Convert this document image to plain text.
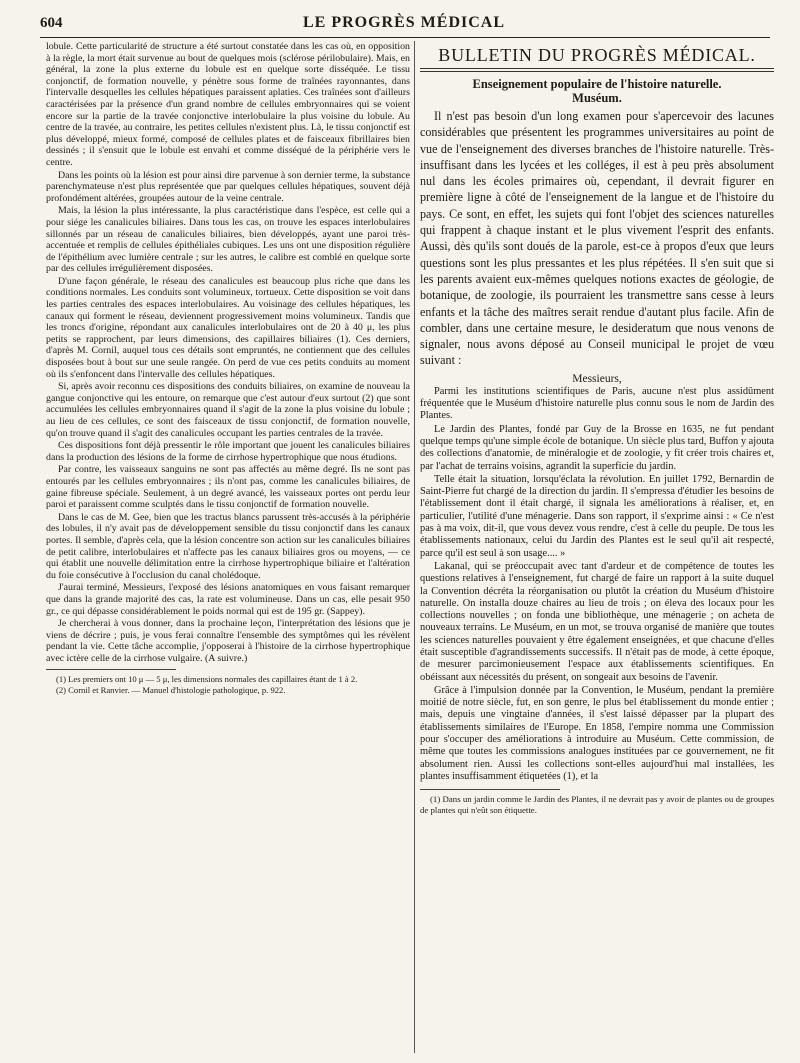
604	LE PROGRÈS MÉDICAL

lobule. Cette particularité de structure a été surtout constatée dans les cas où, en opposition à la règle, la mort était survenue au bout de quelques mois (sclérose périlobulaire). Mais, en général, la zone la plus externe du lobule est en quelque sorte disséquée. Le tissu conjonctif, de formation nouvelle, y pénètre sous forme de traînées rayonnantes, dans l'intervalle desquelles les cellules hépatiques paraissent aplaties. Ces traînées sont d'ailleurs caractérisées par la présence d'un grand nombre de cellules embryonnaires qui se voient encore sur la partie de la travée conjonctive interlobulaire la plus voisine du lobule. Au centre de la travée, au contraire, les petites cellules n'existent plus. Là, le tissu conjonctif est plus développé, mieux formé, composé de cellules plates et de faisceaux fibrillaires bien dessinés ; il s'ensuit que le lobule est envahi et comme disséqué de la périphérie vers le centre.

Dans les points où la lésion est pour ainsi dire parvenue à son dernier terme, la substance parenchymateuse n'est plus représentée que par quelques cellules hépatiques, souvent déjà profondément altérées, groupées autour de la veine centrale.

Mais, la lésion la plus intéressante, la plus caractéristique dans l'espèce, est celle qui a pour siége les canalicules biliaires. Dans tous les cas, on trouve les espaces interlobulaires sillonnés par un réseau de canalicules biliaires, bien développés, ayant une paroi très-accentuée et remplis de cellules épithéliales cubiques. Les uns ont une disposition régulière de l'épithélium avec lumière centrale ; sur les autres, le calibre est comblé en quelque sorte par des cellules irrégulièrement disposées.

D'une façon générale, le réseau des canalicules est beaucoup plus riche que dans les conditions normales. Les conduits sont volumineux, tortueux. Cette disposition se voit dans les parties centrales des espaces interlobulaires. Au voisinage des cellules hépatiques, les canaux qui forment le réseau, deviennent progressivement moins volumineux. Tandis que les troncs d'origine, répondant aux canalicules interlobulaires ont de 20 à 40 μ, les plus petits se rapprochent, par leurs dimensions, des capillaires biliaires (1). Ces derniers, d'après M. Cornil, auquel tous ces détails sont empruntés, ne contiennent que des cellules disposées bout à bout sur une seule rangée. On perd de vue ces petits conduits au moment où ils s'enfoncent dans l'intervalle des cellules hépatiques.

Si, après avoir reconnu ces dispositions des conduits biliaires, on examine de nouveau la gangue conjonctive qui les entoure, on remarque que c'est autour d'eux surtout (2) que sont accumulées les cellules embryonnaires quand il s'agit de la zone la plus voisine du lobule ; au lieu de ces cellules, ce sont des faisceaux de tissu conjonctif, de formation nouvelle, qu'on trouve quand il s'agit des canalicules occupant les parties centrales de la travée.

Ces dispositions font déjà pressentir le rôle important que jouent les canalicules biliaires dans la production des lésions de la forme de cirrhose hypertrophique que nous étudions.

Par contre, les vaisseaux sanguins ne sont pas affectés au même degré. Ils ne sont pas entourés par les cellules embryonnaires ; ils n'ont pas, comme les canalicules biliaires, de gaine fibreuse spéciale. Seulement, à un degré avancé, les vaisseaux portes ont perdu leur paroi et paraissent comme sculptés dans le tissu conjonctif de formation nouvelle.

Dans le cas de M. Gee, bien que les tractus blancs parussent très-accusés à la périphérie des lobules, il n'y avait pas de développement sensible du tissu conjonctif dans les canaux portes. Il semble, d'après cela, que la lésion concentre son action sur les canalicules biliaires de petit calibre, interlobulaires et n'affecte pas les canaux biliaires gros ou moyens, — ce qui établit une nouvelle délimitation entre la cirrhose hypertrophique biliaire et l'altération du foie consécutive à l'occlusion du canal cholédoque.

J'aurai terminé, Messieurs, l'exposé des lésions anatomiques en vous faisant remarquer que dans la grande majorité des cas, la rate est volumineuse. Dans un cas, elle pesait 950 gr., ce qui dépasse considérablement le poids normal qui est de 195 gr. (Sappey).

Je chercherai à vous donner, dans la prochaine leçon, l'interprétation des lésions que je viens de décrire ; puis, je vous ferai connaître l'ensemble des symptômes qui les révèlent pendant la vie. Cette tâche accomplie, j'opposerai à l'histoire de la cirrhose hypertrophique avec ictère celle de la cirrhose vulgaire. (A suivre.)

(1) Les premiers ont 10 μ — 5 μ, les dimensions normales des capillaires étant de 1 à 2.

(2) Cornil et Ranvier. — Manuel d'histologie pathologique, p. 922.

BULLETIN DU PROGRÈS MÉDICAL.

Enseignement populaire de l'histoire naturelle.

Muséum.

Il n'est pas besoin d'un long examen pour s'apercevoir des lacunes considérables que présentent les programmes universitaires au point de vue de l'enseignement des diverses branches de l'histoire naturelle. Très-insuffisant dans les lycées et les colléges, il est à peu près absolument nul dans les écoles primaires où, cependant, il devrait figurer en première ligne à côté de l'enseignement de la langue et de l'histoire du pays. Ce sont, en effet, les sujets qui font l'objet des sciences naturelles qui frappent à chaque instant et le plus vivement l'esprit des enfants. Aussi, dès qu'ils sont doués de la parole, est-ce à propos d'eux que leurs questions sont les plus pressantes et les plus répétées. Il s'en suit que si les parents avaient eux-mêmes quelques notions exactes de géologie, de botanique, de zoologie, ils pourraient les transmettre sans cesse à leurs enfants et la tâche des maîtres serait rendue d'autant plus facile. Afin de combler, dans une certaine mesure, le desideratum que nous venons de signaler, nous avons déposé au Conseil municipal le projet de vœu suivant :

Messieurs,

Parmi les institutions scientifiques de Paris, aucune n'est plus assidûment fréquentée que le Muséum d'histoire naturelle plus connu sous le nom de Jardin des Plantes.

Le Jardin des Plantes, fondé par Guy de la Brosse en 1635, ne fut pendant quelque temps qu'une simple école de botanique. Un siècle plus tard, Buffon y ajouta des collections d'anatomie, de minéralogie et de zoologie, y fit créer trois chaires et, par l'achat de terrains voisins, agrandit la superficie du jardin.

Telle était la situation, lorsqu'éclata la révolution. En juillet 1792, Bernardin de Saint-Pierre fut chargé de la direction du jardin. Il s'empressa d'étudier les besoins de l'établissement dont il était chargé, il signala les améliorations à réaliser, et, en particulier, l'utilité d'une ménagerie. Dans son rapport, il s'exprime ainsi : « Ce n'est pas à ma voix, dit-il, que vous devez vous rendre, c'est à celle du peuple. De tous les établissements nationaux, celui du Jardin des Plantes est le seul qu'il ait respecté, parce qu'il est seul à son usage.... »

Lakanal, qui se préoccupait avec tant d'ardeur et de compétence de toutes les questions relatives à l'enseignement, fut chargé de faire un rapport à la suite duquel la Convention décréta la réorganisation ou plutôt la création du Muséum d'histoire naturelle. On installa douze chaires au lieu de trois ; on éleva des locaux pour les collections nouvelles ; on fonda une bibliothèque, une ménagerie ; on acheta de nouveaux terrains. Le Muséum, en un mot, se trouva organisé de manière que toutes les sciences naturelles pouvaient y être également enseignées, et que chacune d'elles était susceptible d'agrandissements successifs. Il n'était pas de mode, à cette époque, de mesurer parcimonieusement l'espace aux établissements scientifiques. En obéissant aux nécessités du présent, on songeait aux besoins de l'avenir.

Grâce à l'impulsion donnée par la Convention, le Muséum, pendant la première moitié de notre siècle, fut, en son genre, le plus bel établissement du monde entier ; mais, depuis une vingtaine d'années, il s'est laissé dépasser par la plupart des établissements similaires de l'Europe. En 1858, l'empire nomma une Commission pour s'occuper des améliorations à introduire au Muséum. Cette commission, de même que toutes les commissions analogues instituées par ce gouvernement, ne fit absolument rien. Aussi les collections sont-elles aujourd'hui mal installées, les plantes insuffisamment étiquetées (1), et la

(1) Dans un jardin comme le Jardin des Plantes, il ne devrait pas y avoir de plantes ou de groupes de plantes qui n'eût son étiquette.
